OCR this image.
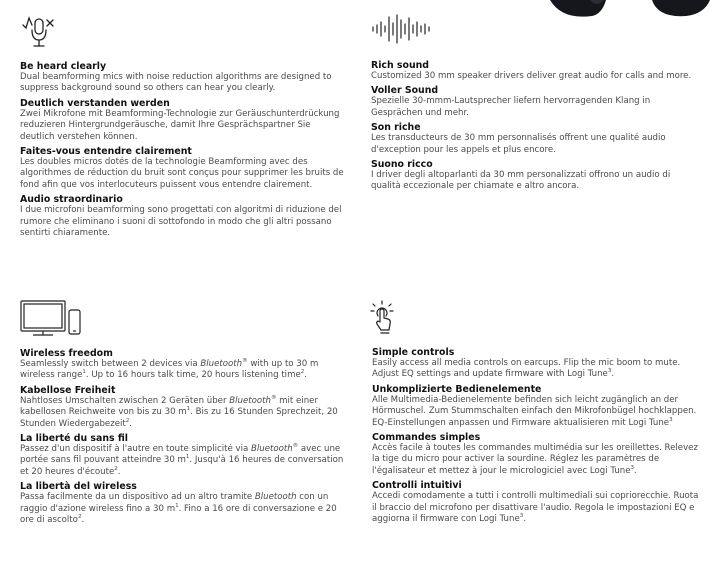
Be heard clearly

Dual beamforming mics with noise reduction algorithms are designed to suppress background sound so others can hear you clearly.

Deutlich verstanden werden

Zwei Mikrofone mit Beamforming-Technologie zur Geräuschunterdrückung reduzieren Hintergrundgeräusche, damit Ihre Gesprächspartner Sie deutlich verstehen können.

Faites-vous entendre clairement

Les doubles micros dotés de la technologie Beamforming avec des algorithmes de réduction du bruit sont conçus pour supprimer les bruits de fond afin que vos interlocuteurs puissent vous entendre clairement.

Audio straordinario

I due microfoni beamforming sono progettati con algoritmi di riduzione del rumore che eliminano i suoni di sottofondo in modo che gli altri possano sentirti chiaramente.

Rich sound

Customized 30 mm speaker drivers deliver great audio for calls and more.

Voller Sound

Spezielle 30-mmm-Lautsprecher liefern hervorragenden Klang in Gesprächen und mehr.

Son riche

Les transducteurs de 30 mm personnalisés offrent une qualité audio d'exception pour les appels et plus encore.

Suono ricco

I driver degli altoparlanti da 30 mm personalizzati offrono un audio di qualità eccezionale per chiamate e altro ancora.

Wireless freedom

Seamlessly switch between 2 devices via Bluetooth® with up to 30 m wireless range$^1$. Up to 16 hours talk time, 20 hours listening time$^2$.

Kabellose Freiheit

Nahtloses Umschalten zwischen 2 Geräten über Bluetooth® mit einer kabellosen Reichweite von bis zu 30 $m^1$. Bis zu 16 Stunden Sprechzeit, 20 Stunden Wiedergabezeit$^2$.

La liberté du sans fil

Passez d'un dispositif à l'autre en toute simplicité via Bluetooth® avec une portée sans fil pouvant atteindre 30 $m^1$. Jusqu'à 16 heures de conversation et 20 heures d'écoute$^2$.

La libertà del wireless

Passa facilmente da un dispositivo ad un altro tramite Bluetooth con un raggio d'azione wireless fino a 30 $m^1$. Fino a 16 ore di conversazione e 20 ore di ascolto$^2$.

Simple controls

Easily access all media controls on earcups. Flip the mic boom to mute. Adjust EQ settings and update firmware with Logi Tune$^3$.

Unkomplizierte Bedienelemente

Alle Multimedia-Bedienelemente befinden sich leicht zugänglich an der Hörmuschel. Zum Stummschalten einfach den Mikrofonbügel hochklappen. EQ-Einstellungen anpassen und Firmware aktualisieren mit Logi Tune$^3$

Commandes simples

Accès facile à toutes les commandes multimédia sur les oreillettes. Relevez la tige du micro pour activer la sourdine. Réglez les paramètres de l'égalisateur et mettez à jour le micrologiciel avec Logi Tune$^3$.

Controlli intuitivi

Accedi comodamente a tutti i controlli multimediali sui copriorecchie. Ruota il braccio del microfono per disattivare l'audio. Regola le impostazioni EQ e aggiorna il firmware con Logi Tune$^3$.
